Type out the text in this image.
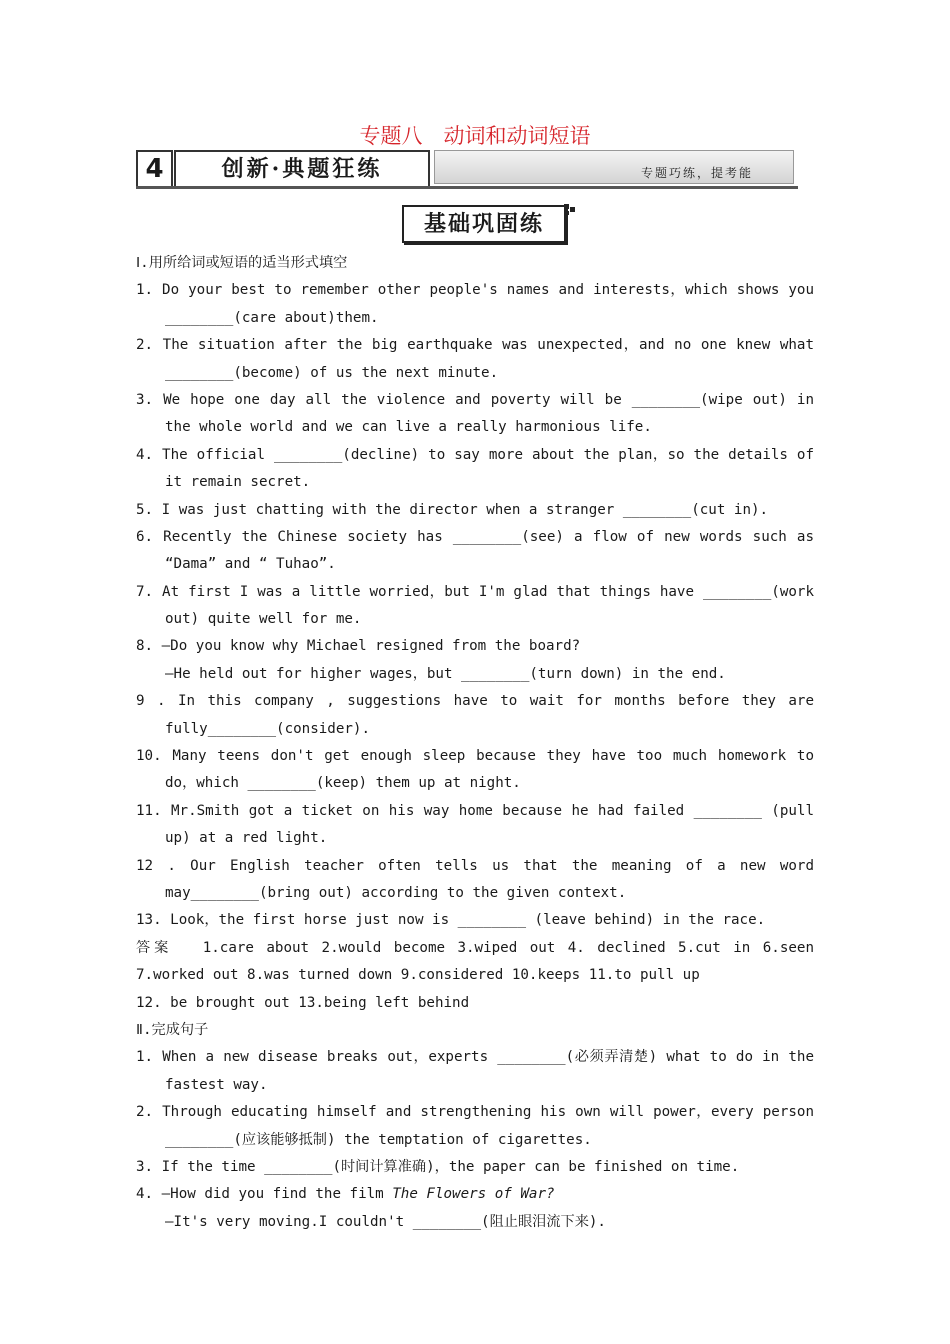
专题八　动词和动词短语
4	创新·典题狂练	专题巧练，提考能
基础巩固练
Ⅰ.用所给词或短语的适当形式填空
1. Do your best to remember other people's names and interests，which shows you
________(care about)them.
2. The situation after the big earthquake was unexpected，and no one knew what
________(become) of us the next minute.
3. We hope one day all the violence and poverty will be ________(wipe out) in
the whole world and we can live a really harmonious life.
4. The official ________(decline) to say more about the plan，so the details of
it remain secret.
5. I was just chatting with the director when a stranger ________(cut in).
6. Recently the Chinese society has ________(see) a flow of new words such as
“Dama” and “ Tuhao”.
7. At first I was a little worried，but I'm glad that things have ________(work
out) quite well for me.
8. —Do you know why Michael resigned from the board?
—He held out for higher wages，but ________(turn down) in the end.
9 . In this company , suggestions have to wait for months before they are
fully________(consider).
10. Many teens don't get enough sleep because they have too much homework to
do，which ________(keep) them up at night.
11. Mr.Smith got a ticket on his way home because he had failed ________ (pull
up) at a red light.
12 . Our English teacher often tells us that the meaning of a new word
may________(bring out) according to the given context.
13. Look，the first horse just now is ________ (leave behind) in the race.
答案　 1.care about 2.would become 3.wiped out 4. declined 5.cut in 6.seen
7.worked out 8.was turned down 9.considered 10.keeps 11.to pull up
12. be brought out 13.being left behind
Ⅱ.完成句子
1. When a new disease breaks out，experts ________(必须弄清楚) what to do in the
fastest way.
2. Through educating himself and strengthening his own will power，every person
________(应该能够抵制) the temptation of cigarettes.
3. If the time ________(时间计算准确)，the paper can be finished on time.
4. —How did you find the film The Flowers of War?
—It's very moving.I couldn't ________(阻止眼泪流下来).
